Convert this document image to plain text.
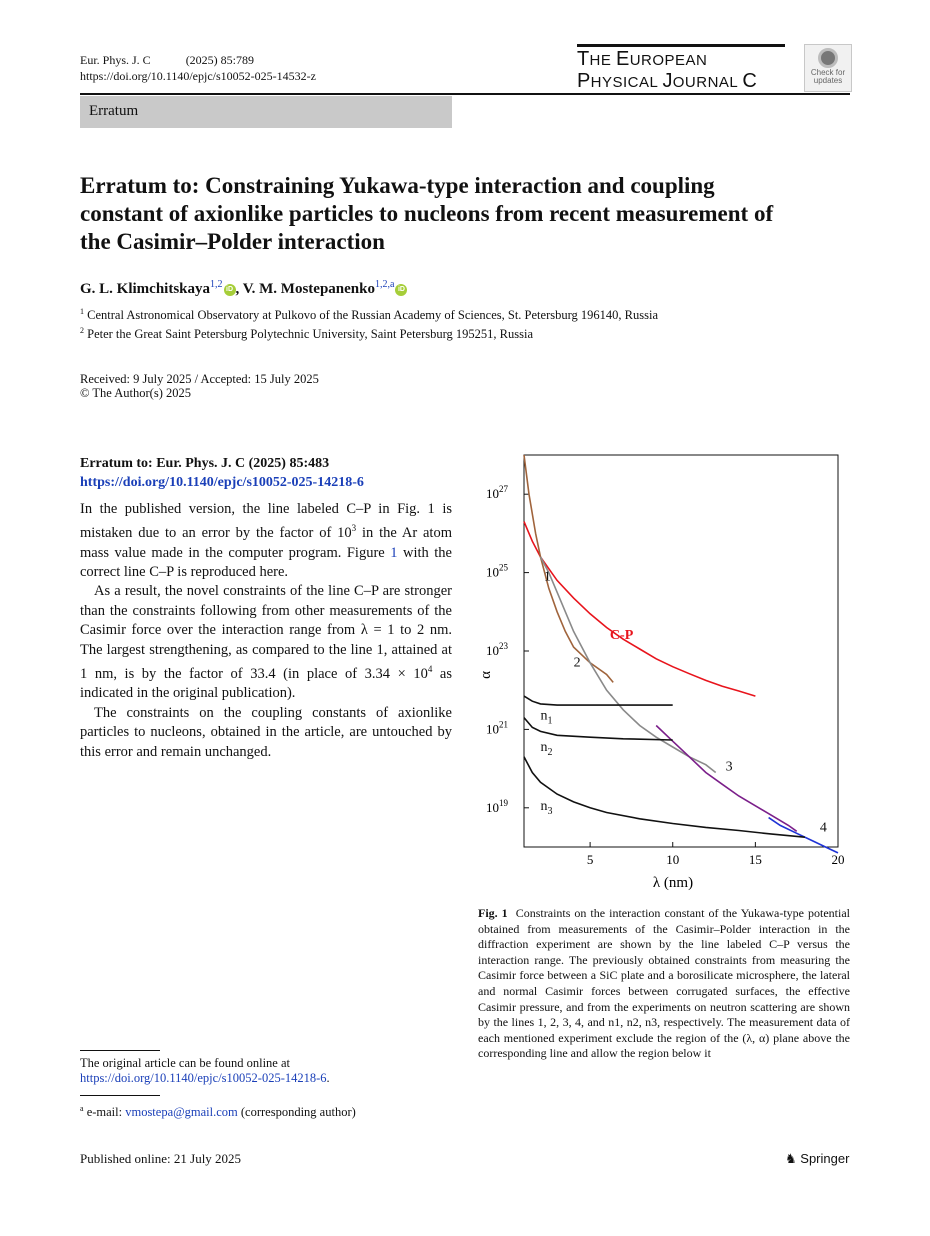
Eur. Phys. J. C	(2025) 85:789
https://doi.org/10.1140/epjc/s10052-025-14532-z
THE EUROPEAN
PHYSICAL JOURNAL C	Check for
updates
Erratum
Erratum to: Constraining Yukawa-type interaction and coupling constant of axionlike particles to nucleons from recent measurement of the Casimir–Polder interaction
G. L. Klimchitskaya$^{1,2}$ iD , V. M. Mostepanenko$^{1,2,a}$ iD
$^1$ Central Astronomical Observatory at Pulkovo of the Russian Academy of Sciences, St. Petersburg 196140, Russia
$^2$ Peter the Great Saint Petersburg Polytechnic University, Saint Petersburg 195251, Russia
Received: 9 July 2025 / Accepted: 15 July 2025
© The Author(s) 2025
Erratum to: Eur. Phys. J. C (2025) 85:483
https://doi.org/10.1140/epjc/s10052-025-14218-6

In the published version, the line labeled C–P in Fig. 1 is mistaken due to an error by the factor of $10^3$ in the Ar atom mass value made in the computer program. Figure 1 with the correct line C–P is reproduced here.

As a result, the novel constraints of the line C–P are stronger than the constraints following from other measurements of the Casimir force over the interaction range from λ = 1 to 2 nm. The largest strengthening, as compared to the line 1, attained at 1 nm, is by the factor of 33.4 (in place of $3.34 \times 10^4$ as indicated in the original publication).

The constraints on the coupling constants of axionlike particles to nucleons, obtained in the article, are untouched by this error and remain unchanged.

5	10	15	20
$10^{19}$
$10^{21}$
$10^{23}$
$10^{25}$
$10^{27}$
C-P
1
2
3
4
$n_1$
$n_2$
$n_3$
λ (nm)
α
Fig. 1 Constraints on the interaction constant of the Yukawa-type potential obtained from measurements of the Casimir–Polder interaction in the diffraction experiment are shown by the line labeled C–P versus the interaction range. The previously obtained constraints from measuring the Casimir force between a SiC plate and a borosilicate microsphere, the lateral and normal Casimir forces between corrugated surfaces, the effective Casimir pressure, and from the experiments on neutron scattering are shown by the lines 1, 2, 3, 4, and n1, n2, n3, respectively. The measurement data of each mentioned experiment exclude the region of the (λ, α) plane above the corresponding line and allow the region below it
The original article can be found online at https://doi.org/10.1140/epjc/s10052-025-14218-6.
$^a$ e-mail: vmostepa@gmail.com (corresponding author)
Published online: 21 July 2025	♞ Springer
